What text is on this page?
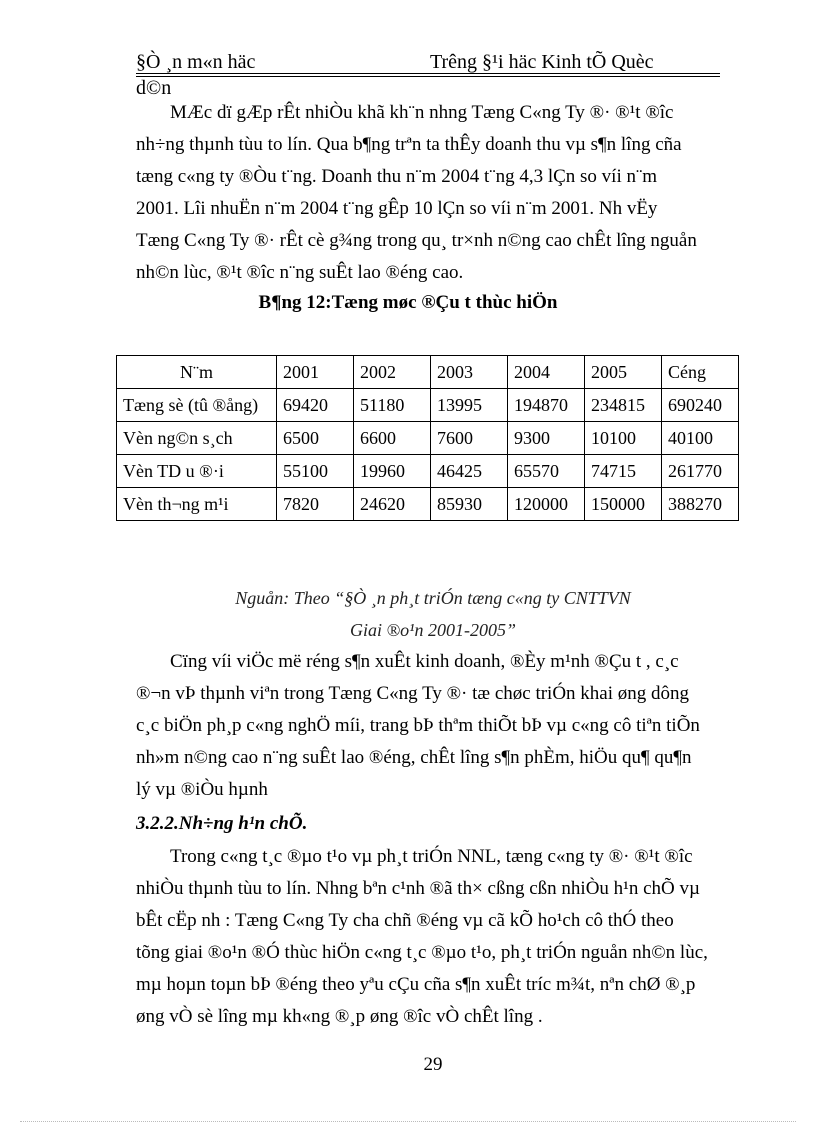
§Ò ¸n m«n häc	Trêng §¹i häc Kinh tÕ Quèc
d©n
MÆc dï gÆp rÊt nhiÒu khã kh¨n nhng Tæng C«ng Ty ®· ®¹t ®îc
nh÷ng thµnh tùu to lín. Qua b¶ng trªn ta thÊy doanh thu vµ s¶n lîng cña
tæng c«ng ty ®Òu t¨ng. Doanh thu n¨m 2004 t¨ng 4,3 lÇn so víi n¨m
2001. Lîi nhuËn n¨m 2004 t¨ng gÊp 10 lÇn so víi n¨m 2001. Nh vËy
Tæng C«ng Ty ®· rÊt cè g¾ng trong qu¸ tr×nh n©ng cao chÊt lîng nguån
nh©n lùc, ®¹t ®îc n¨ng suÊt lao ®éng cao.
B¶ng 12:Tæng møc ®Çu t thùc hiÖn
N¨m	2001	2002	2003	2004	2005	Céng
Tæng sè (tû ®ång)	69420	51180	13995	194870	234815	690240
Vèn ng©n s¸ch	6500	6600	7600	9300	10100	40100
Vèn TD u ®·i	55100	19960	46425	65570	74715	261770
Vèn th¬ng m¹i	7820	24620	85930	120000	150000	388270
Nguån: Theo “§Ò ¸n ph¸t triÓn tæng c«ng ty CNTTVN
Giai ®o¹n 2001-2005”
Cïng víi viÖc më réng s¶n xuÊt kinh doanh, ®Èy m¹nh ®Çu t , c¸c
®¬n vÞ thµnh viªn trong Tæng C«ng Ty ®· tæ chøc triÓn khai øng dông
c¸c biÖn ph¸p c«ng nghÖ míi, trang bÞ thªm thiÕt bÞ vµ c«ng cô tiªn tiÕn
nh»m n©ng cao n¨ng suÊt lao ®éng, chÊt lîng s¶n phÈm, hiÖu qu¶ qu¶n
lý vµ ®iÒu hµnh
3.2.2.Nh÷ng h¹n chÕ.
Trong c«ng t¸c ®µo t¹o vµ ph¸t triÓn NNL, tæng c«ng ty ®· ®¹t ®îc
nhiÒu thµnh tùu to lín. Nhng bªn c¹nh ®ã th× cßng cßn nhiÒu h¹n chÕ vµ
bÊt cËp nh : Tæng C«ng Ty cha chñ ®éng vµ cã kÕ ho¹ch cô thÓ theo
tõng giai ®o¹n ®Ó thùc hiÖn c«ng t¸c ®µo t¹o, ph¸t triÓn nguån nh©n lùc,
mµ hoµn toµn bÞ ®éng theo yªu cÇu cña s¶n xuÊt tríc m¾t, nªn chØ ®¸p
øng vÒ sè lîng mµ kh«ng ®¸p øng ®îc vÒ chÊt lîng .
29
